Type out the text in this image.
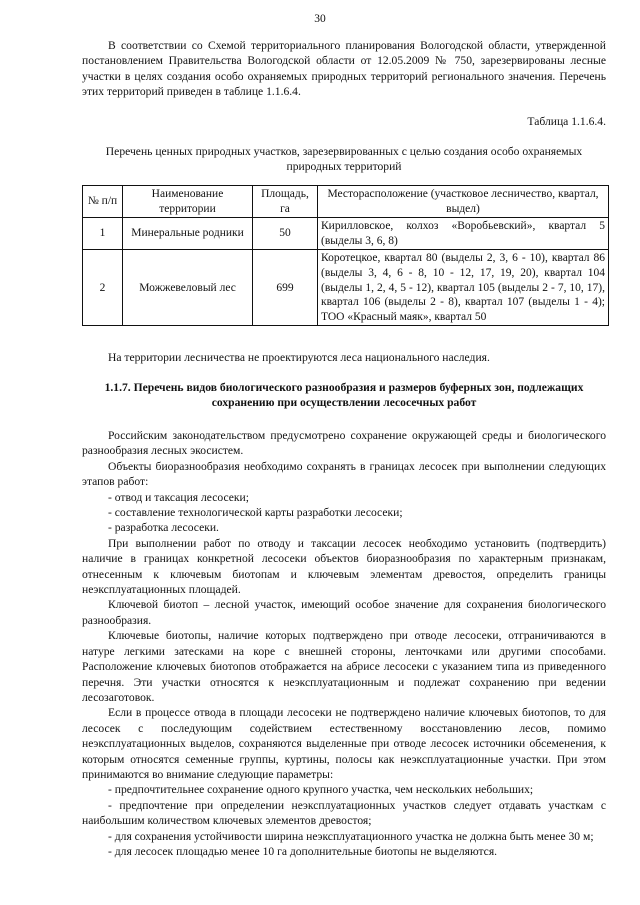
30

В соответствии со Схемой территориального планирования Вологодской области, утвержденной постановлением Правительства Вологодской области от 12.05.2009 № 750, зарезервированы лесные участки в целях создания особо охраняемых природных территорий регионального значения. Перечень этих территорий приведен в таблице 1.1.6.4.

Таблица 1.1.6.4.
Перечень ценных природных участков, зарезервированных с целью создания особо охраняемых природных территорий
№ п/п	Наименование территории	Площадь, га	Месторасположение (участковое лесничество, квартал, выдел)
1	Минеральные родники	50	Кирилловское, колхоз «Воробьевский», квартал 5 (выделы 3, 6, 8)
2	Можжевеловый лес	699	Коротецкое, квартал 80 (выделы 2, 3, 6 - 10), квартал 86 (выделы 3, 4, 6 - 8, 10 - 12, 17, 19, 20), квартал 104 (выделы 1, 2, 4, 5 - 12), квартал 105 (выделы 2 - 7, 10, 17), квартал 106 (выделы 2 - 8), квартал 107 (выделы 1 - 4); ТОО «Красный маяк», квартал 50

На территории лесничества не проектируются леса национального наследия.

1.1.7. Перечень видов биологического разнообразия и размеров буферных зон, подлежащих сохранению при осуществлении лесосечных работ

Российским законодательством предусмотрено сохранение окружающей среды и биологического разнообразия лесных экосистем.

Объекты биоразнообразия необходимо сохранять в границах лесосек при выполнении следующих этапов работ:

- отвод и таксация лесосеки;

- составление технологической карты разработки лесосеки;

- разработка лесосеки.

При выполнении работ по отводу и таксации лесосек необходимо установить (подтвердить) наличие в границах конкретной лесосеки объектов биоразнообразия по характерным признакам, отнесенным к ключевым биотопам и ключевым элементам древостоя, определить границы неэксплуатационных площадей.

Ключевой биотоп – лесной участок, имеющий особое значение для сохранения биологического разнообразия.

Ключевые биотопы, наличие которых подтверждено при отводе лесосеки, отграничиваются в натуре легкими затесками на коре с внешней стороны, ленточками или другими способами. Расположение ключевых биотопов отображается на абрисе лесосеки с указанием типа из приведенного перечня. Эти участки относятся к неэксплуатационным и подлежат сохранению при ведении лесозаготовок.

Если в процессе отвода в площади лесосеки не подтверждено наличие ключевых биотопов, то для лесосек с последующим содействием естественному восстановлению лесов, помимо неэксплуатационных выделов, сохраняются выделенные при отводе лесосек источники обсеменения, к которым относятся семенные группы, куртины, полосы как неэксплуатационные участки. При этом принимаются во внимание следующие параметры:

- предпочтительнее сохранение одного крупного участка, чем нескольких небольших;

- предпочтение при определении неэксплуатационных участков следует отдавать участкам с наибольшим количеством ключевых элементов древостоя;

- для сохранения устойчивости ширина неэксплуатационного участка не должна быть менее 30 м;

- для лесосек площадью менее 10 га дополнительные биотопы не выделяются.
